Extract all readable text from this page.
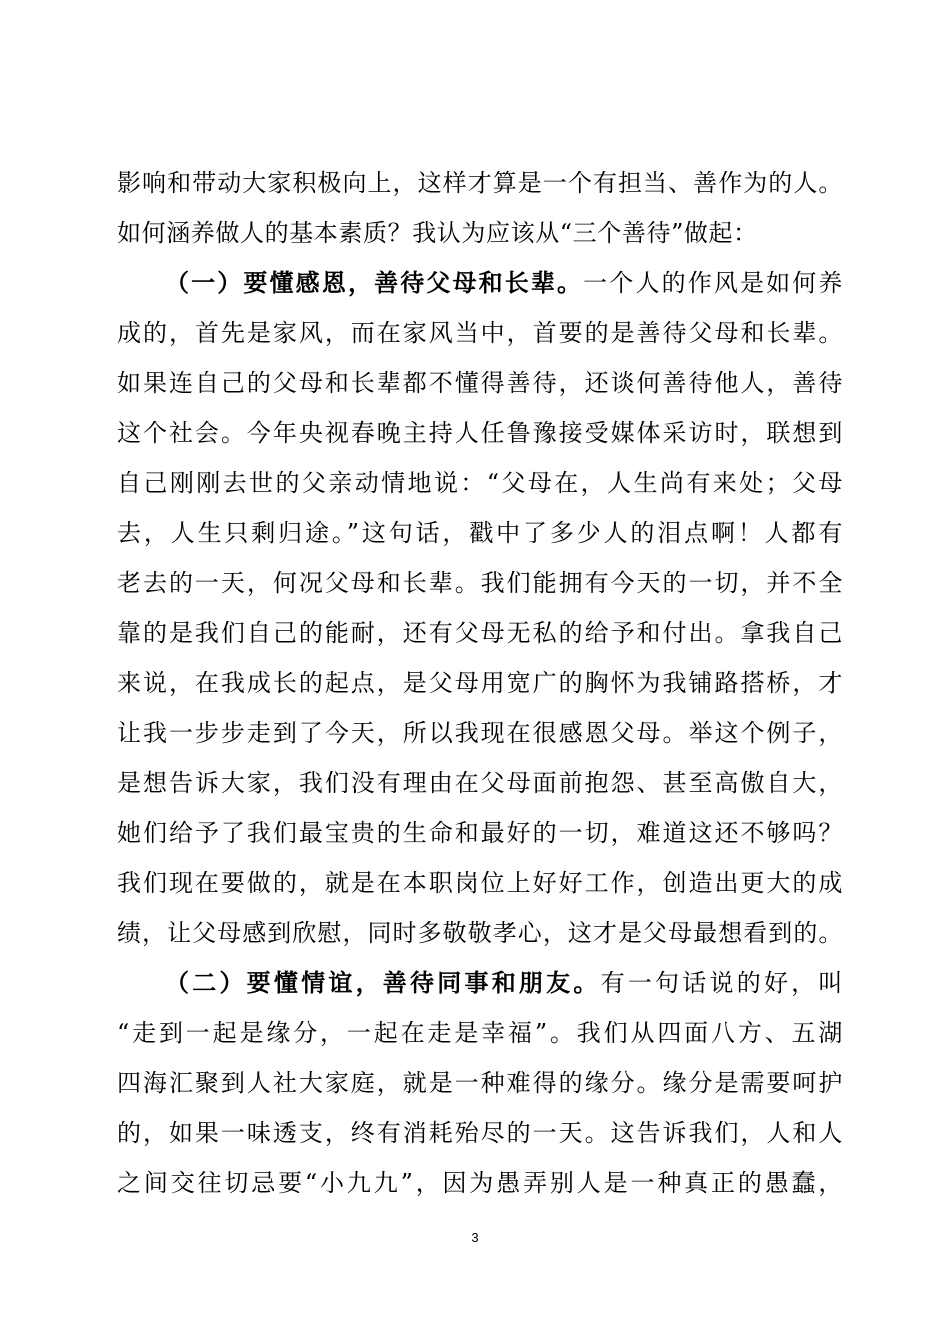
影响和带动大家积极向上，这样才算是一个有担当、善作为的人。
如何涵养做人的基本素质？我认为应该从“三个善待”做起：
（一）要懂感恩，善待父母和长辈。一个人的作风是如何养
成的，首先是家风，而在家风当中，首要的是善待父母和长辈。
如果连自己的父母和长辈都不懂得善待，还谈何善待他人，善待
这个社会。今年央视春晚主持人任鲁豫接受媒体采访时，联想到
自己刚刚去世的父亲动情地说：“父母在，人生尚有来处；父母
去，人生只剩归途。”这句话，戳中了多少人的泪点啊！人都有
老去的一天，何况父母和长辈。我们能拥有今天的一切，并不全
靠的是我们自己的能耐，还有父母无私的给予和付出。拿我自己
来说，在我成长的起点，是父母用宽广的胸怀为我铺路搭桥，才
让我一步步走到了今天，所以我现在很感恩父母。举这个例子，
是想告诉大家，我们没有理由在父母面前抱怨、甚至高傲自大，
她们给予了我们最宝贵的生命和最好的一切，难道这还不够吗？
我们现在要做的，就是在本职岗位上好好工作，创造出更大的成
绩，让父母感到欣慰，同时多敬敬孝心，这才是父母最想看到的。
（二）要懂情谊，善待同事和朋友。有一句话说的好，叫
“走到一起是缘分，一起在走是幸福”。我们从四面八方、五湖
四海汇聚到人社大家庭，就是一种难得的缘分。缘分是需要呵护
的，如果一味透支，终有消耗殆尽的一天。这告诉我们，人和人
之间交往切忌要“小九九”，因为愚弄别人是一种真正的愚蠢，
3
